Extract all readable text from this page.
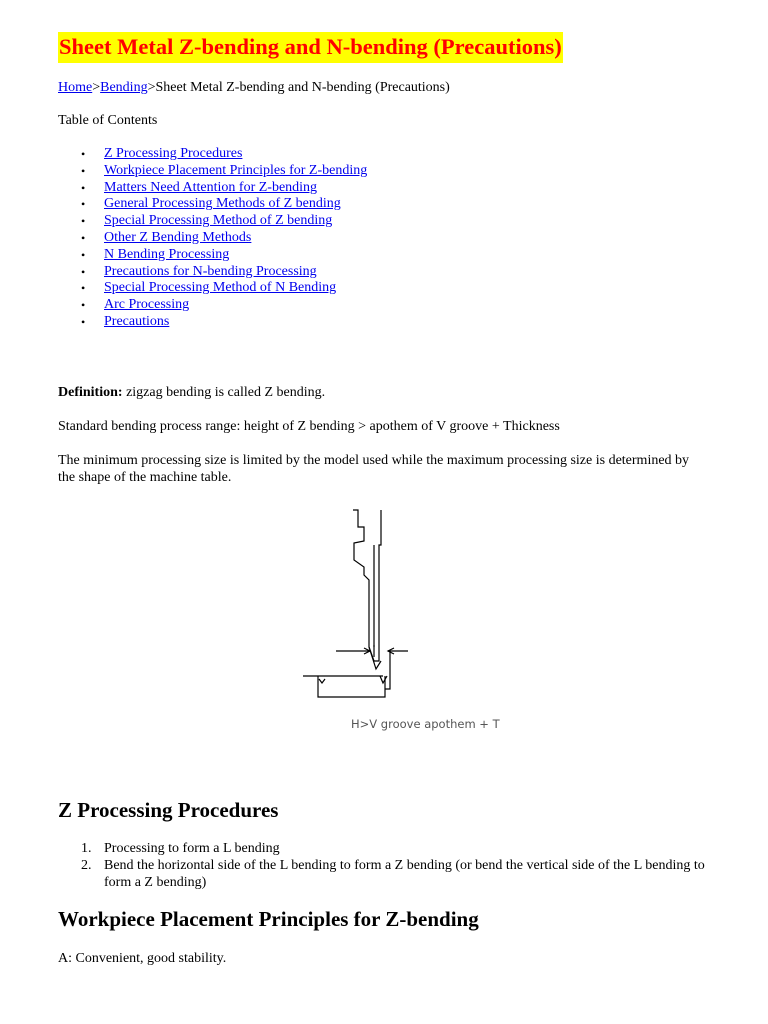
Sheet Metal Z-bending and N-bending (Precautions)
Home>Bending>Sheet Metal Z-bending and N-bending (Precautions)
Table of Contents
• Z Processing Procedures
• Workpiece Placement Principles for Z-bending
• Matters Need Attention for Z-bending
• General Processing Methods of Z bending
• Special Processing Method of Z bending
• Other Z Bending Methods
• N Bending Processing
• Precautions for N-bending Processing
• Special Processing Method of N Bending
• Arc Processing
• Precautions
Definition: zigzag bending is called Z bending.
Standard bending process range: height of Z bending > apothem of V groove + Thickness
The minimum processing size is limited by the model used while the maximum processing size is determined by the shape of the machine table.
H>V groove apothem + T
Z Processing Procedures
1. Processing to form a L bending
2. Bend the horizontal side of the L bending to form a Z bending (or bend the vertical side of the L bending to form a Z bending)
Workpiece Placement Principles for Z-bending
A: Convenient, good stability.
